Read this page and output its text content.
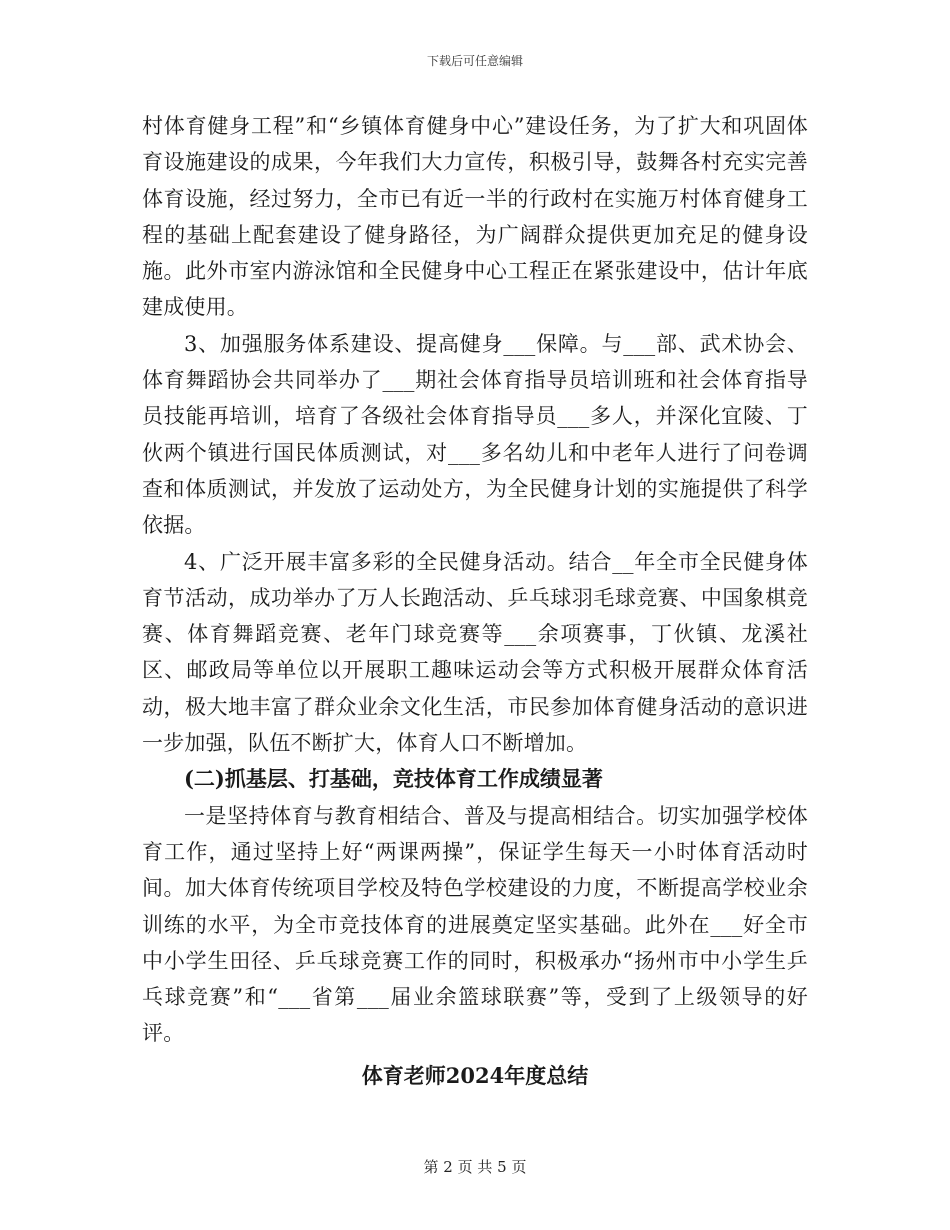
下载后可任意编辑

村体育健身工程”和“乡镇体育健身中心”建设任务，为了扩大和巩固体育设施建设的成果，今年我们大力宣传，积极引导，鼓舞各村充实完善体育设施，经过努力，全市已有近一半的行政村在实施万村体育健身工程的基础上配套建设了健身路径，为广阔群众提供更加充足的健身设施。此外市室内游泳馆和全民健身中心工程正在紧张建设中，估计年底建成使用。

3、加强服务体系建设、提高健身___保障。与___部、武术协会、体育舞蹈协会共同举办了___期社会体育指导员培训班和社会体育指导员技能再培训，培育了各级社会体育指导员___多人，并深化宜陵、丁伙两个镇进行国民体质测试，对___多名幼儿和中老年人进行了问卷调查和体质测试，并发放了运动处方，为全民健身计划的实施提供了科学依据。

4、广泛开展丰富多彩的全民健身活动。结合__年全市全民健身体育节活动，成功举办了万人长跑活动、乒乓球羽毛球竞赛、中国象棋竞赛、体育舞蹈竞赛、老年门球竞赛等___余项赛事，丁伙镇、龙溪社区、邮政局等单位以开展职工趣味运动会等方式积极开展群众体育活动，极大地丰富了群众业余文化生活，市民参加体育健身活动的意识进一步加强，队伍不断扩大，体育人口不断增加。

(二)抓基层、打基础，竞技体育工作成绩显著

一是坚持体育与教育相结合、普及与提高相结合。切实加强学校体育工作，通过坚持上好“两课两操”，保证学生每天一小时体育活动时间。加大体育传统项目学校及特色学校建设的力度，不断提高学校业余训练的水平，为全市竞技体育的进展奠定坚实基础。此外在___好全市中小学生田径、乒乓球竞赛工作的同时，积极承办“扬州市中小学生乒乓球竞赛”和“___省第___届业余篮球联赛”等，受到了上级领导的好评。

体育老师2024年度总结

第 2 页 共 5 页
